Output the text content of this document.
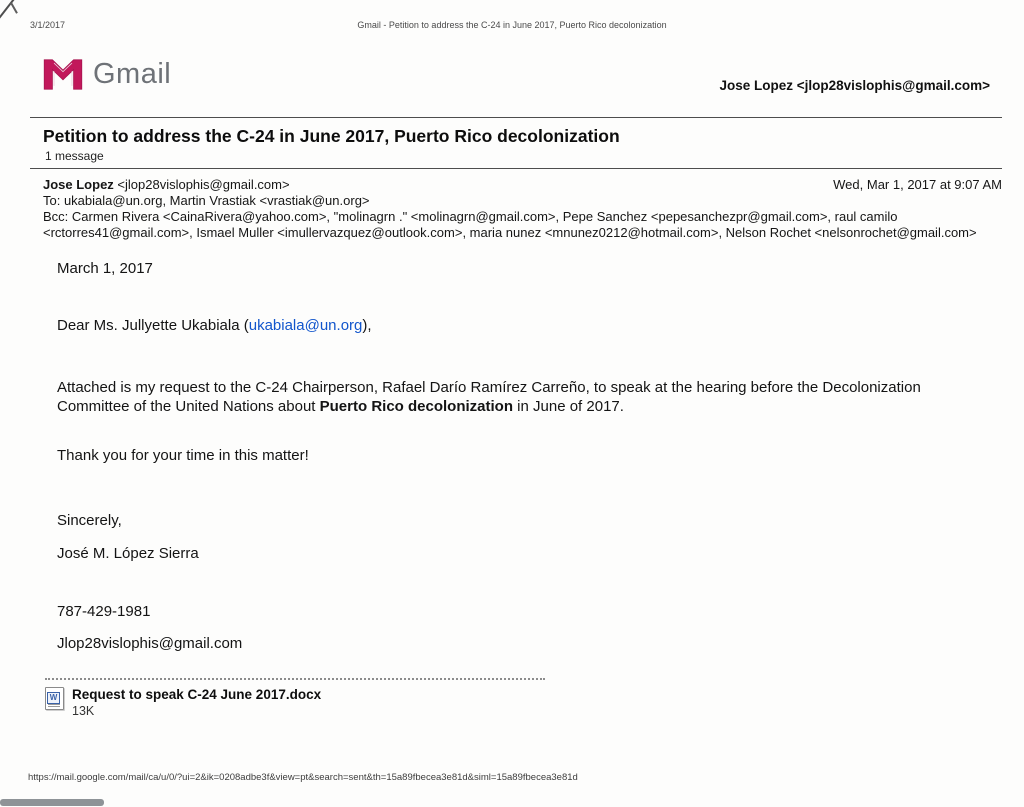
3/1/2017	Gmail - Petition to address the C-24 in June 2017, Puerto Rico decolonization
Gmail	Jose Lopez <jlop28vislophis@gmail.com>
Petition to address the C-24 in June 2017, Puerto Rico decolonization
1 message
Wed, Mar 1, 2017 at 9:07 AM
Jose Lopez <jlop28vislophis@gmail.com>
To: ukabiala@un.org, Martin Vrastiak <vrastiak@un.org>
Bcc: Carmen Rivera <CainaRivera@yahoo.com>, "molinagrn ." <molinagrn@gmail.com>, Pepe Sanchez <pepesanchezpr@gmail.com>, raul camilo <rctorres41@gmail.com>, Ismael Muller <imullervazquez@outlook.com>, maria nunez <mnunez0212@hotmail.com>, Nelson Rochet <nelsonrochet@gmail.com>
March 1, 2017
Dear Ms. Jullyette Ukabiala (ukabiala@un.org),
Attached is my request to the C-24 Chairperson, Rafael Darío Ramírez Carreño, to speak at the hearing before the Decolonization Committee of the United Nations about Puerto Rico decolonization in June of 2017.
Thank you for your time in this matter!
Sincerely,
José M. López Sierra
787-429-1981
Jlop28vislophis@gmail.com
W Request to speak C-24 June 2017.docx
13K
https://mail.google.com/mail/ca/u/0/?ui=2&ik=0208adbe3f&view=pt&search=sent&th=15a89fbecea3e81d&siml=15a89fbecea3e81d
